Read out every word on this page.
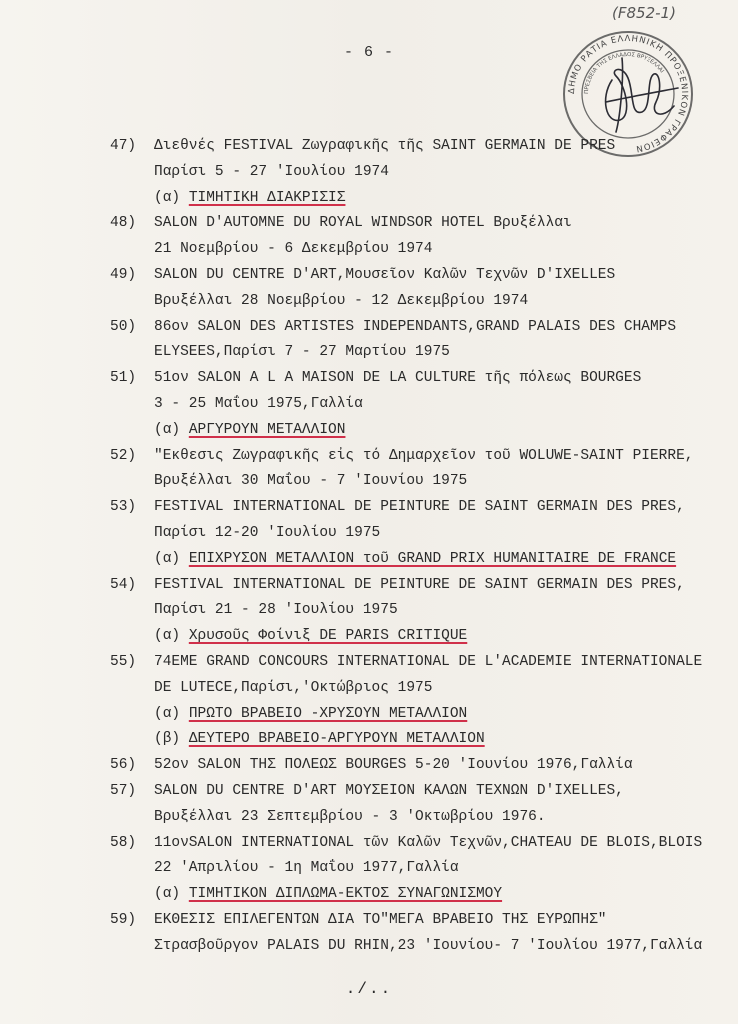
(F852-1)
- 6 -
ΔΗΜΟ ΡΑΤΙΑ ΕΛΛΗΝΙΚΗ ΠΡΟΞΕΝΙΚΟΝ ΓΡΑΦΕΙΟΝ
ΠΡΕΣΒΕΙΑ ΤΗΣ ΕΛΛΑΔΟΣ ΒΡΥΞΕΛΛΑΙ
47) Διεθνές FESTIVAL Ζωγραφικῆς τῆς SAINT GERMAIN DE PRES
Παρίσι 5 - 27 'Ιουλίου 1974
(α) ΤΙΜΗΤΙΚΗ ΔΙΑΚΡΙΣΙΣ
48) SALON D'AUTOMNE DU ROYAL WINDSOR HOTEL Βρυξέλλαι
21 Νοεμβρίου - 6 Δεκεμβρίου 1974
49) SALON DU CENTRE D'ART,Μουσεῖον Καλῶν Τεχνῶν D'IXELLES
Βρυξέλλαι 28 Νοεμβρίου - 12 Δεκεμβρίου 1974
50) 86ον SALON DES ARTISTES INDEPENDANTS,GRAND PALAIS DES CHAMPS
ELYSEES,Παρίσι 7 - 27 Μαρτίου 1975
51) 51ον SALON A L A MAISON DE LA CULTURE τῆς πόλεως BOURGES
3 - 25 Μαΐου 1975,Γαλλία
(α) ΑΡΓΥΡΟΥΝ ΜΕΤΑΛΛΙΟΝ
52) "Εκθεσις Ζωγραφικῆς εἰς τό Δημαρχεῖον τοῦ WOLUWE-SAINT PIERRE,
Βρυξέλλαι 30 Μαΐου - 7 'Ιουνίου 1975
53) FESTIVAL INTERNATIONAL DE PEINTURE DE SAINT GERMAIN DES PRES,
Παρίσι 12-20 'Ιουλίου 1975
(α) ΕΠΙΧΡΥΣΟΝ ΜΕΤΑΛΛΙΟΝ τοῦ GRAND PRIX HUMANITAIRE DE FRANCE
54) FESTIVAL INTERNATIONAL DE PEINTURE DE SAINT GERMAIN DES PRES,
Παρίσι 21 - 28 'Ιουλίου 1975
(α) Χρυσοῦς Φοίνιξ DE PARIS CRITIQUE
55) 74EME GRAND CONCOURS INTERNATIONAL DE L'ACADEMIE INTERNATIONALE
DE LUTECE,Παρίσι,'Οκτώβριος 1975
(α) ΠΡΩΤΟ ΒΡΑΒΕΙΟ -ΧΡΥΣΟΥΝ ΜΕΤΑΛΛΙΟΝ
(β) ΔΕΥΤΕΡΟ ΒΡΑΒΕΙΟ-ΑΡΓΥΡΟΥΝ ΜΕΤΑΛΛΙΟΝ
56) 52ον SALON ΤΗΣ ΠΟΛΕΩΣ BOURGES 5-20 'Ιουνίου 1976,Γαλλία
57) SALON DU CENTRE D'ART ΜΟΥΣΕΙΟΝ ΚΑΛΩΝ ΤΕΧΝΩΝ D'IXELLES,
Βρυξέλλαι 23 Σεπτεμβρίου - 3 'Οκτωβρίου 1976.
58) 11ονSALON INTERNATIONAL τῶν Καλῶν Τεχνῶν,CHATEAU DE BLOIS,BLOIS
22 'Απριλίου - 1η Μαΐου 1977,Γαλλία
(α) ΤΙΜΗΤΙΚΟΝ ΔΙΠΛΩΜΑ-ΕΚΤΟΣ ΣΥΝΑΓΩΝΙΣΜΟΥ
59) ΕΚΘΕΣΙΣ ΕΠΙΛΕΓΕΝΤΩΝ ΔΙΑ ΤΟ"ΜΕΓΑ ΒΡΑΒΕΙΟ ΤΗΣ ΕΥΡΩΠΗΣ"
Στρασβοῦργον PALAIS DU RHIN,23 'Ιουνίου- 7 'Ιουλίου 1977,Γαλλία
./..
